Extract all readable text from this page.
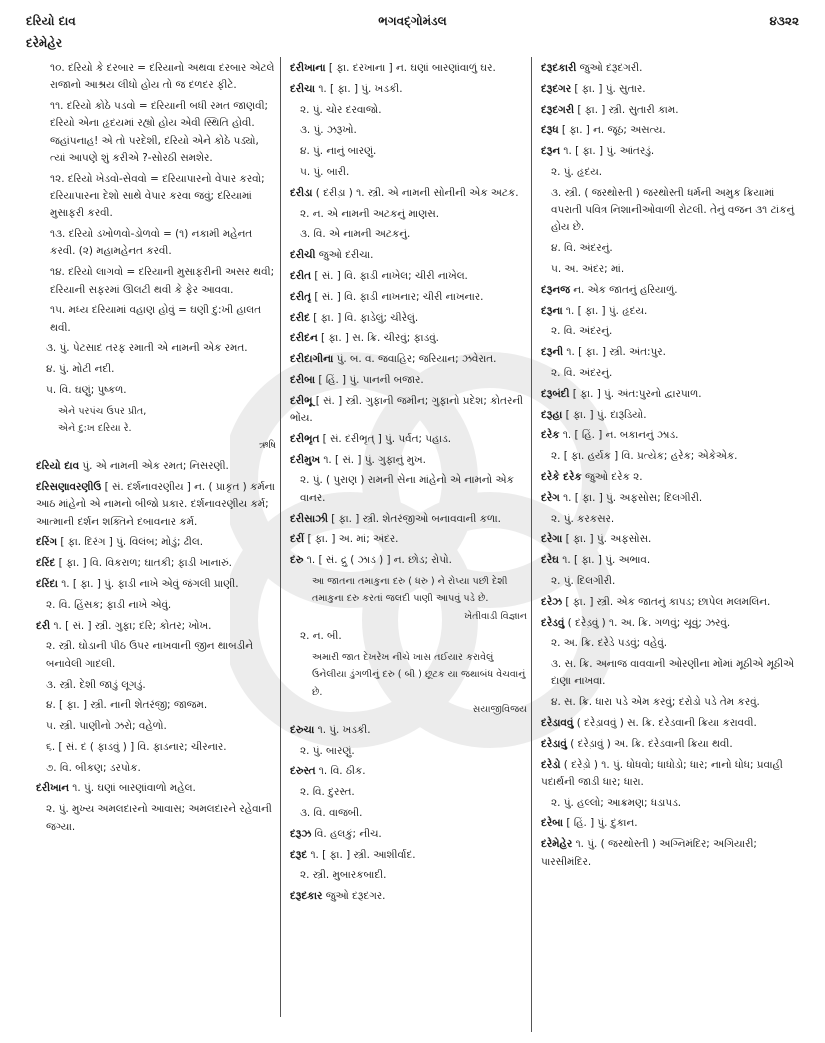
દરિયો દાવ	ભગવદ્ગોમંડલ	૪૩૨૨
દરેમેહેર
૧૦. દરિયો કે દરબાર = દરિયાનો અથવા દરબાર એટલે રાજાનો આશ્રય લીધો હોય તો જ દળદર ફીટે.
૧૧. દરિયો કોઠે પડવો = દરિયાની બધી રમત જાણવી; દરિયો એના હૃદયમાં રહ્યો હોય એવી સ્થિતિ હોવી. જહાંપનાહ! એ તો પરદેશી, દરિયો એને કોઠે પડ્યો, ત્યાં આપણે શું કરીએ ?-સોરઠી સમશેર.
૧૨. દરિયો ખેડવો-સેવવો = દરિયાપારનો વેપાર કરવો; દરિયાપારના દેશો સાથે વેપાર કરવા જવું; દરિયામાં મુસાફરી કરવી.
૧૩. દરિયો ડખોળવો-ડોળવો = (૧) નકામી મહેનત કરવી. (૨) મહામહેનત કરવી.
૧૪. દરિયો લાગવો = દરિયાની મુસાફરીની અસર થવી; દરિયાની સફરમાં ઊલટી થવી કે ફેર આવવા.
૧૫. મધ્ય દરિયામાં વહાણ હોવું = ઘણી દુ:ખી હાલત થવી.
૩. પું. પેટસાદ તરફ રમાતી એ નામની એક રમત.
૪. પું. મોટી નદી.
૫. વિ. ઘણું; પુષ્કળ.
એને પરપંચ ઉપર પ્રીત,
એને દુ:ખ દરિયા રે.
ઋષિ
દરિયો દાવ પું. એ નામની એક રમત; નિસરણી.
દરિસણાવરણીઉ [ સં. દર્શનાવરણીય ] ન. ( પ્રાકૃત ) કર્મના આઠ માંહેનો એ નામનો બીજો પ્રકાર. દર્શનાવરણીય કર્મ; આત્માની દર્શન શક્તિને દબાવનાર કર્મ.
દરિંગ [ ફા. દિરંગ ] પું. વિલંબ; મોડું; ઢીલ.
દરિંદ [ ફા. ] વિ. વિકરાળ; ઘાતકી; ફાડી ખાનારું.
દરિંદા ૧. [ ફા. ] પું. ફાડી નાખે એવું જંગલી પ્રાણી.
૨. વિ. હિંસક; ફાડી નાખે એવું.
દરી ૧. [ સં. ] સ્ત્રી. ગુફા; દરિ; કોતર; ખોખ.
૨. સ્ત્રી. ઘોડાની પીઠ ઉપર નાખવાની જીન થાબડીને બનાવેલી ગાદલી.
૩. સ્ત્રી. દેશી જાડું લૂગડું.
૪. [ ફા. ] સ્ત્રી. નાની શેતરંજી; જાજમ.
૫. સ્ત્રી. પાણીનો ઝરો; વહેળો.
૬. [ સં. દ ( ફાડવું ) ] વિ. ફાડનાર; ચીરનાર.
૭. વિ. બીકણ; ડરપોક.
દરીખાન ૧. પું. ઘણાં બારણાંવાળો મહેલ.
૨. પું. મુખ્ય અમલદારનો આવાસ; અમલદારને રહેવાની જગ્યા.
દરીખાના [ ફા. દરખાના ] ન. ઘણાં બારણાંવાળું ઘર.
દરીચા ૧. [ ફા. ] પું. ખડકી.
૨. પું. ચોર દરવાજો.
૩. પું. ઝરૂખો.
૪. પું. નાનું બારણું.
૫. પું. બારી.
દરીડા ( દરીડ઼ા ) ૧. સ્ત્રી. એ નામની સોનીની એક અટક.
૨. ન. એ નામની અટકનું માણસ.
૩. વિ. એ નામની અટકનું.
દરીચી જુઓ દરીચા.
દરીત [ સં. ] વિ. ફાડી નાખેલ; ચીરી નાખેલ.
દરીતૃ [ સં. ] વિ. ફાડી નાખનાર; ચીરી નાખનાર.
દરીદ [ ફા. ] વિ. ફાડેલું; ચીરેલું.
દરીદન [ ફા. ] સ. ક્રિ. ચીરવું; ફાડવું.
દરીદાગીના પું. બ. વ. જવાહિર; જરિયાન; ઝવેરાત.
દરીબા [ હિં. ] પું. પાનની બજાર.
દરીભૂ [ સં. ] સ્ત્રી. ગુફાની જમીન; ગુફાનો પ્રદેશ; કોતરની ભોંય.
દરીભૃત [ સં. દરીભૃત્ ] પું. પર્વત; પહાડ.
દરીમુખ ૧. [ સં. ] પું. ગુફાનું મુખ.
૨. પું. ( પુરાણ ) રામની સેના માંહેનો એ નામનો એક વાનર.
દરીસાઝી [ ફા. ] સ્ત્રી. શેતરંજીઓ બનાવવાની કળા.
દરીં [ ફા. ] અ. માં; અંદર.
દરુ ૧. [ સં. દ્રુ ( ઝાડ ) ] ન. છોડ; રોપો.
આ જાતના તમાકુના દરુ ( ધરુ ) ને રોપ્યા પછી દેશી તમાકુના દરુ કરતાં જલદી પાણી આપવું પડે છે.
ખેતીવાડી વિજ્ઞાન
૨. ન. બી.
અમારી જાત દેખરેખ નીચે ખાસ તઈયાર કરાવેલું ઉનેલીયા ડુંગળીનું દરુ ( બી ) છૂટક યા જથાબંધ વેચવાનું છે.
સયાજીવિજય
દરુચા ૧. પું. ખડકી.
૨. પું. બારણું.
દરુસ્ત ૧. વિ. ઠીક.
૨. વિ. દુરસ્ત.
૩. વિ. વાજબી.
દરૂઝ વિ. હલકું; નીચ.
દરૂદ ૧. [ ફા. ] સ્ત્રી. આશીર્વાદ.
૨. સ્ત્રી. મુબારકબાદી.
દરૂદકાર જુઓ દરૂદગર.
દરૂદકારી જુઓ દરૂદગરી.
દરૂદગર [ ફા. ] પું. સુતાર.
દરૂદગરી [ ફા. ] સ્ત્રી. સુતારી કામ.
દરૂધ [ ફા. ] ન. જૂઠ; અસત્ય.
દરૂન ૧. [ ફા. ] પું. આંતરડું.
૨. પું. હૃદય.
૩. સ્ત્રી. ( જરથોસ્તી ) જરથોસ્તી ધર્મની અમુક ક્રિયામાં વપરાતી પવિત્ર નિશાનીઓવાળી રોટલી. તેનું વજન ૩૧ ટાંકનું હોય છે.
૪. વિ. અંદરનું.
૫. અ. અંદર; માં.
દરૂનજ ન. એક જાતનું હરિયાળું.
દરૂના ૧. [ ફા. ] પું. હૃદય.
૨. વિ. અંદરનું.
દરૂની ૧. [ ફા. ] સ્ત્રી. અંત:પુર.
૨. વિ. અંદરનું.
દરૂબંદી [ ફા. ] પું. અંત:પુરનો દ્વારપાળ.
દરૂહા [ ફા. ] પું. દારૂડિયો.
દરેક ૧. [ હિં. ] ન. બકાનનું ઝાડ.
૨. [ ફા. હર્યક ] વિ. પ્રત્યેક; હરેક; એકેએક.
દરેકે દરેક જુઓ દરેક ૨.
દરેગ ૧. [ ફા. ] પું. અફસોસ; દિલગીરી.
૨. પું. કરકસર.
દરેગા [ ફા. ] પું. અફસોસ.
દરેઘ ૧. [ ફા. ] પું. અભાવ.
૨. પું. દિલગીરી.
દરેઝ [ ફા. ] સ્ત્રી. એક જાતનું કાપડ; છાપેલ મલમલિન.
દરેડવું ( દરેડ઼વું ) ૧. અ. ક્રિ. ગળવું; ચૂવું; ઝરવું.
૨. અ. ક્રિ. દરેડે પડવું; વહેવું.
૩. સ. ક્રિ. અનાજ વાવવાની ઓરણીના મોંમાં મૂઠીએ મૂઠીએ દાણા નાખવા.
૪. સ. ક્રિ. ધારા પડે એમ કરવું; દરોડો પડે તેમ કરવું.
દરેડાવવું ( દરેડ઼ાવવું ) સ. ક્રિ. દરેડવાની ક્રિયા કરાવવી.
દરેડાવું ( દરેડ઼ાવું ) અ. ક્રિ. દરેડવાની ક્રિયા થવી.
દરેડો ( દરેડ઼ો ) ૧. પું. ધોધવો; ધાધોડો; ધાર; નાનો ધોધ; પ્રવાહી પદાર્થની જાડી ધાર; ધારા.
૨. પું. હલ્લો; આક્રમણ; ધડાપડ.
દરેબા [ હિં. ] પું. દુકાન.
દરેમેહેર ૧. પું. ( જરથોસ્તી ) અગ્નિમંદિર; અગિયારી; પારસીમંદિર.
